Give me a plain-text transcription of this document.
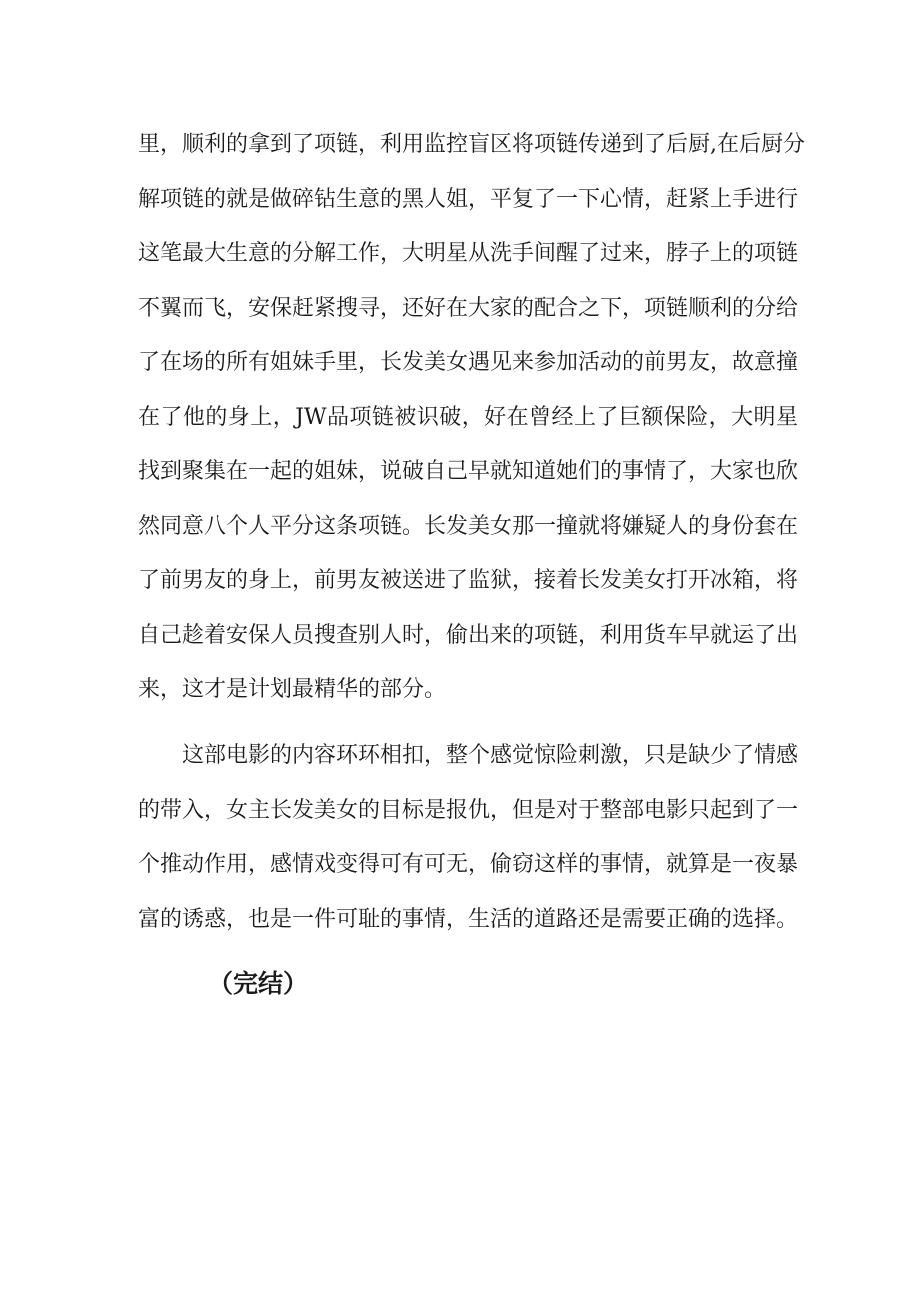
里，顺利的拿到了项链，利用监控盲区将项链传递到了后厨,在后厨分
解项链的就是做碎钻生意的黑人姐，平复了一下心情，赶紧上手进行
这笔最大生意的分解工作，大明星从洗手间醒了过来，脖子上的项链
不翼而飞，安保赶紧搜寻，还好在大家的配合之下，项链顺利的分给
了在场的所有姐妹手里，长发美女遇见来参加活动的前男友，故意撞
在了他的身上，JW品项链被识破，好在曾经上了巨额保险，大明星
找到聚集在一起的姐妹，说破自己早就知道她们的事情了，大家也欣
然同意八个人平分这条项链。长发美女那一撞就将嫌疑人的身份套在
了前男友的身上，前男友被送进了监狱，接着长发美女打开冰箱，将
自己趁着安保人员搜查别人时，偷出来的项链，利用货车早就运了出
来，这才是计划最精华的部分。
这部电影的内容环环相扣，整个感觉惊险刺激，只是缺少了情感
的带入，女主长发美女的目标是报仇，但是对于整部电影只起到了一
个推动作用，感情戏变得可有可无，偷窃这样的事情，就算是一夜暴
富的诱惑，也是一件可耻的事情，生活的道路还是需要正确的选择。
（完结）
